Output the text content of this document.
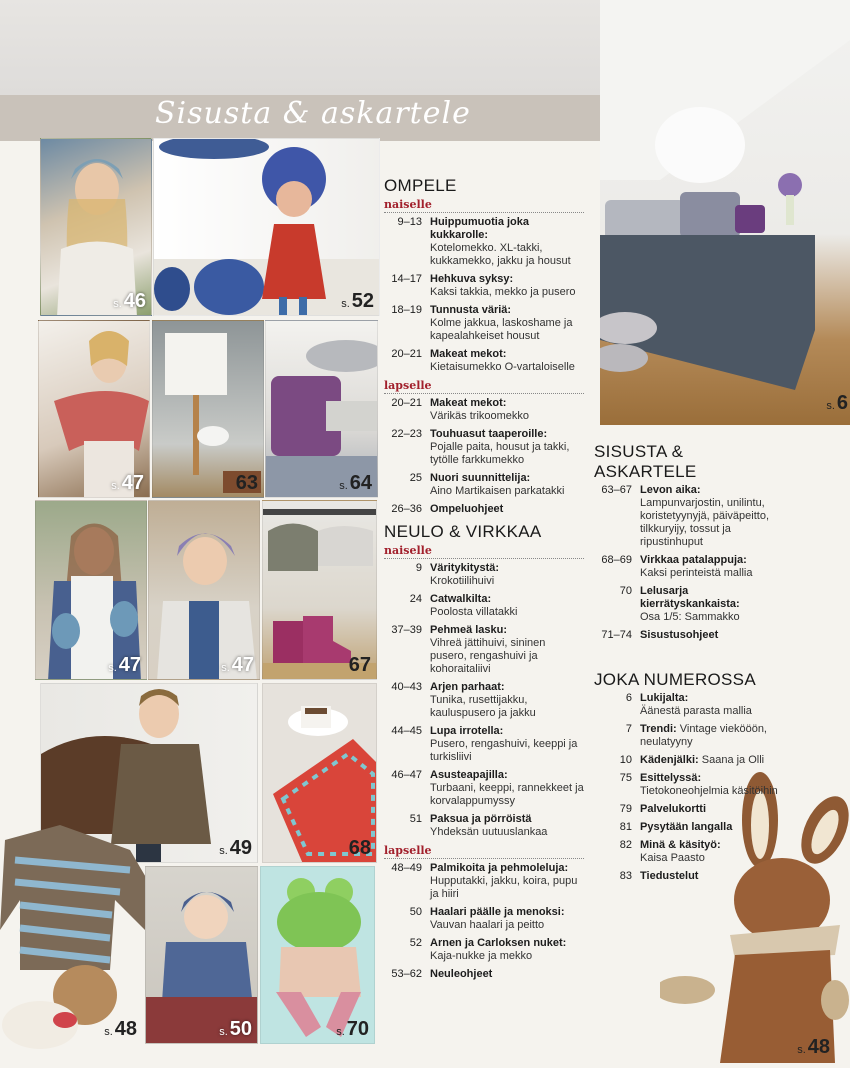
Sisusta & askartele
s. 46	s. 52
s. 47	63	s. 64
s. 47	s. 47	67
s. 49	68
s. 48	s. 50	s. 70
s. 6
s. 48
OMPELE
naiselle
9–13 Huippumuotia joka kukkarolle:
Kotelomekko. XL-takki, kukkamekko, jakku ja housut
14–17 Hehkuva syksy:
Kaksi takkia, mekko ja pusero
18–19 Tunnusta väriä:
Kolme jakkua, laskoshame ja kapealahkeiset housut
20–21 Makeat mekot:
Kietaisumekko O-vartaloiselle
lapselle
20–21 Makeat mekot:
Värikäs trikoomekko
22–23 Touhuasut taaperoille:
Pojalle paita, housut ja takki, tytölle farkkumekko
25 Nuori suunnittelija:
Aino Martikaisen parkatakki
26–36 Ompeluohjeet
NEULO & VIRKKAA
naiselle
9 Väritykitystä:
Krokotiilihuivi
24 Catwalkilta:
Poolosta villatakki
37–39 Pehmeä lasku:
Vihreä jättihuivi, sininen pusero, rengashuivi ja kohoraitaliivi
40–43 Arjen parhaat:
Tunika, rusettijakku, kauluspusero ja jakku
44–45 Lupa irrotella:
Pusero, rengashuivi, keeppi ja turkisliivi
46–47 Asusteapajilla:
Turbaani, keeppi, rannekkeet ja korvalappumyssy
51 Paksua ja pörröistä
Yhdeksän uutuuslankaa
lapselle
48–49 Palmikoita ja pehmoleluja:
Hupputakki, jakku, koira, pupu ja hiiri
50 Haalari päälle ja menoksi:
Vauvan haalari ja peitto
52 Arnen ja Carloksen nuket:
Kaja-nukke ja mekko
53–62 Neuleohjeet
SISUSTA & ASKARTELE
63–67 Levon aika:
Lampunvarjostin, unilintu, koristetyynyjä, päiväpeitto, tilkkuryijy, tossut ja ripustinhuput
68–69 Virkkaa patalappuja:
Kaksi perinteistä mallia
70 Lelusarja kierrätyskankaista:
Osa 1/5: Sammakko
71–74 Sisustusohjeet
JOKA NUMEROSSA
6 Lukijalta:
Äänestä parasta mallia
7 Trendi: Vintage viekööön, neulatyyny
10 Kädenjälki: Saana ja Olli
75 Esittelyssä:
Tietokoneohjelmia käsitöihin
79 Palvelukortti
81 Pysytään langalla
82 Minä & käsityö:
Kaisa Paasto
83 Tiedustelut
